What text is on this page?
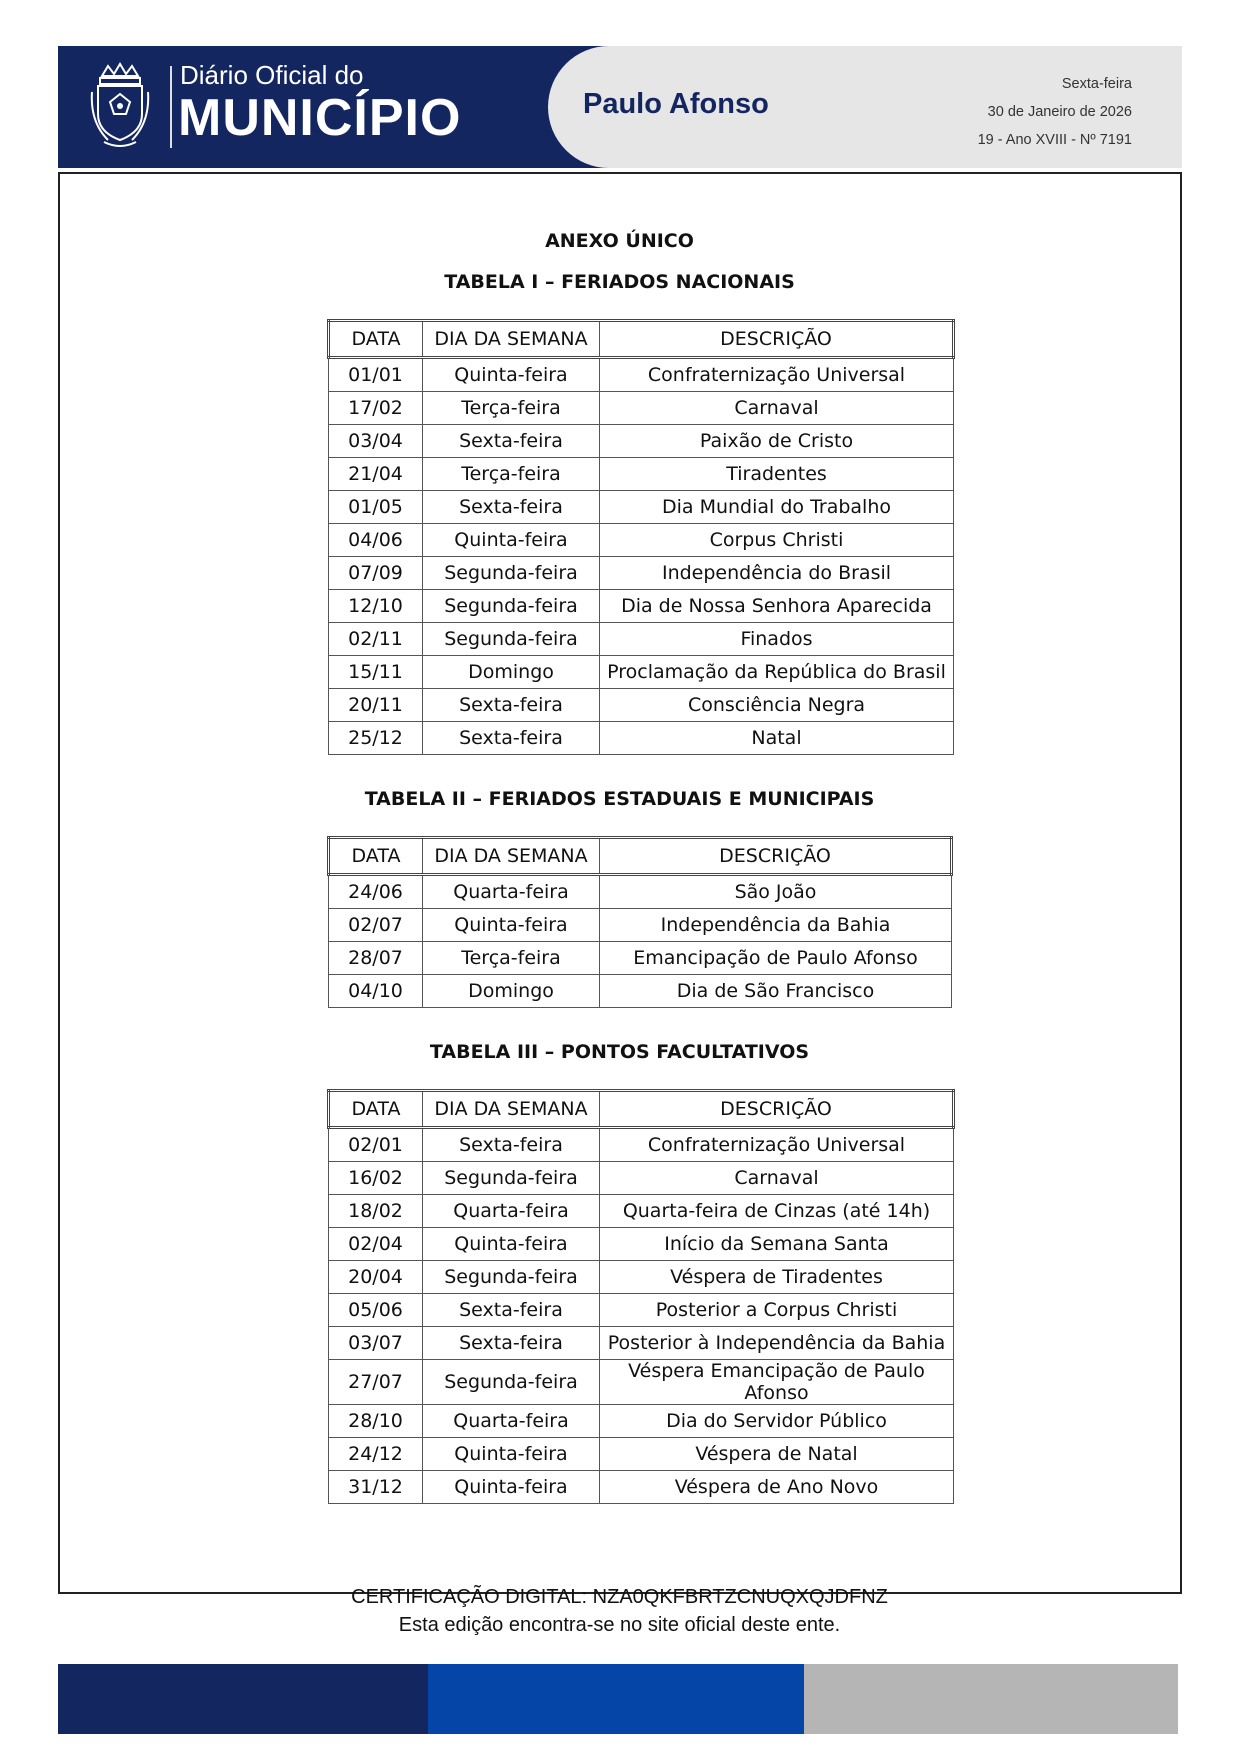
Diário Oficial do
MUNICÍPIO	Paulo Afonso
Sexta-feira
30 de Janeiro de 2026
19 - Ano XVIII - Nº 7191
ANEXO ÚNICO
TABELA I – FERIADOS NACIONAIS
DATA	DIA DA SEMANA	DESCRIÇÃO
01/01	Quinta-feira	Confraternização Universal
17/02	Terça-feira	Carnaval
03/04	Sexta-feira	Paixão de Cristo
21/04	Terça-feira	Tiradentes
01/05	Sexta-feira	Dia Mundial do Trabalho
04/06	Quinta-feira	Corpus Christi
07/09	Segunda-feira	Independência do Brasil
12/10	Segunda-feira	Dia de Nossa Senhora Aparecida
02/11	Segunda-feira	Finados
15/11	Domingo	Proclamação da República do Brasil
20/11	Sexta-feira	Consciência Negra
25/12	Sexta-feira	Natal
TABELA II – FERIADOS ESTADUAIS E MUNICIPAIS
DATA	DIA DA SEMANA	DESCRIÇÃO
24/06	Quarta-feira	São João
02/07	Quinta-feira	Independência da Bahia
28/07	Terça-feira	Emancipação de Paulo Afonso
04/10	Domingo	Dia de São Francisco
TABELA III – PONTOS FACULTATIVOS
DATA	DIA DA SEMANA	DESCRIÇÃO
02/01	Sexta-feira	Confraternização Universal
16/02	Segunda-feira	Carnaval
18/02	Quarta-feira	Quarta-feira de Cinzas (até 14h)
02/04	Quinta-feira	Início da Semana Santa
20/04	Segunda-feira	Véspera de Tiradentes
05/06	Sexta-feira	Posterior a Corpus Christi
03/07	Sexta-feira	Posterior à Independência da Bahia
27/07	Segunda-feira	Véspera Emancipação de Paulo Afonso
28/10	Quarta-feira	Dia do Servidor Público
24/12	Quinta-feira	Véspera de Natal
31/12	Quinta-feira	Véspera de Ano Novo
CERTIFICAÇÃO DIGITAL: NZA0QKFBRTZCNUQXQJDFNZ
Esta edição encontra-se no site oficial deste ente.
